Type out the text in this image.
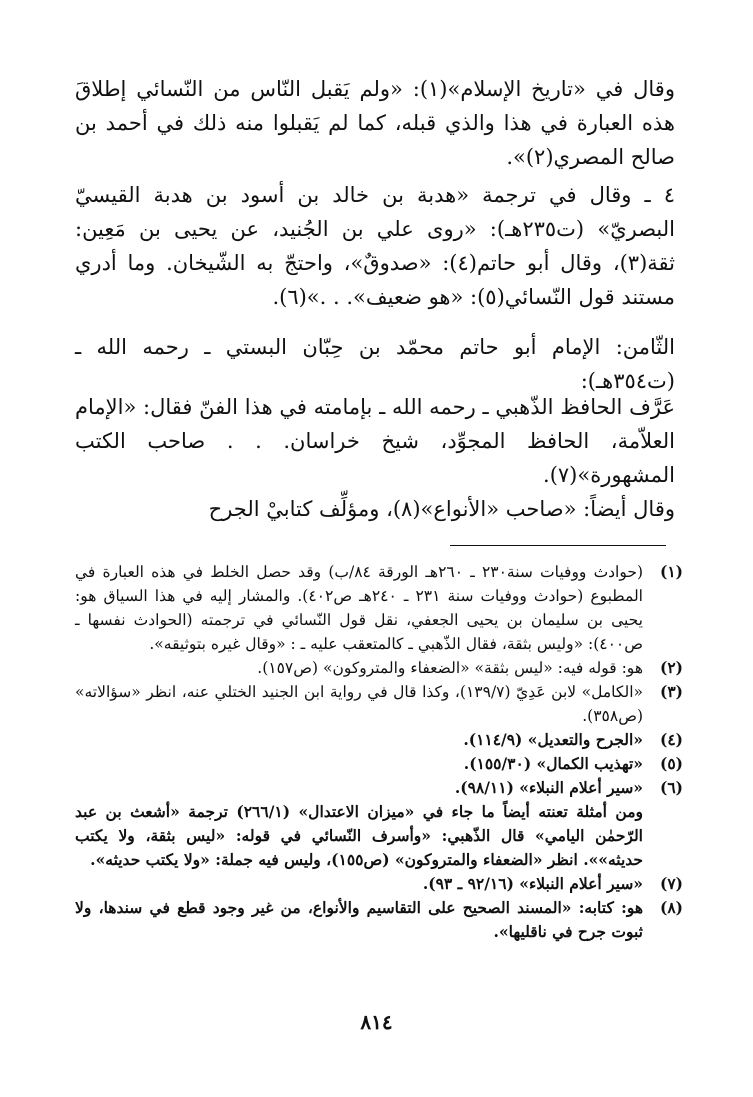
وقال في «تاريخ الإسلام»(١): «ولم يَقبل النّاس من النّسائي إطلاقَ هذه العبارة في هذا والذي قبله، كما لم يَقبلوا منه ذلك في أحمد بن صالح المصري(٢)».
٤ ـ وقال في ترجمة «هدبة بن خالد بن أسود بن هدبة القيسيّ البصريّ» (ت٢٣٥هـ): «روى علي بن الجُنيد، عن يحيى بن مَعِين: ثقة(٣)، وقال أبو حاتم(٤): «صدوقٌ»، واحتجّ به الشّيخان. وما أدري مستند قول النّسائي(٥): «هو ضعيف». . .»(٦).
الثّامن: الإمام أبو حاتم محمّد بن حِبّان البستي ـ رحمه الله ـ (ت٣٥٤هـ):
عَرَّف الحافظ الذّهبي ـ رحمه الله ـ بإمامته في هذا الفنّ فقال: «الإمام العلاّمة، الحافظ المجوِّد، شيخ خراسان. . . صاحب الكتب المشهورة»(٧).
وقال أيضاً: «صاحب «الأنواع»(٨)، ومؤلِّف كتابيْ الجرح
(١)
(حوادث ووفيات سنة٢٣٠ ـ ٢٦٠هـ الورقة ٨٤/ب) وقد حصل الخلط في هذه العبارة في المطبوع (حوادث ووفيات سنة ٢٣١ ـ ٢٤٠هـ ص٤٠٢). والمشار إليه في هذا السياق هو: يحيى بن سليمان بن يحيى الجعفي، نقل قول النّسائي في ترجمته (الحوادث نفسها ـ ص٤٠٠): «وليس بثقة، فقال الذّهبي ـ كالمتعقب عليه ـ : «وقال غيره بتوثيقه».
(٢)
هو: قوله فيه: «ليس بثقة» «الضعفاء والمتروكون» (ص١٥٧).
(٣)
«الكامل» لابن عَدِيّ (١٣٩/٧)، وكذا قال في رواية ابن الجنيد الختلي عنه، انظر «سؤالاته» (ص٣٥٨).
(٤)
«الجرح والتعديل» (١١٤/٩).
(٥)
«تهذيب الكمال» (١٥٥/٣٠).
(٦)
«سير أعلام النبلاء» (٩٨/١١).
ومن أمثلة تعنته أيضاً ما جاء في «ميزان الاعتدال» (٢٦٦/١) ترجمة «أشعث بن عبد الرّحمٰن اليامي» قال الذّهبي: «وأسرف النّسائي في قوله: «ليس بثقة، ولا يكتب حديثه»». انظر «الضعفاء والمتروكون» (ص١٥٥)، وليس فيه جملة: «ولا يكتب حديثه».
(٧)
«سير أعلام النبلاء» (٩٢/١٦ ـ ٩٣).
(٨)
هو: كتابه: «المسند الصحيح على التقاسيم والأنواع، من غير وجود قطع في سندها، ولا ثبوت جرح في ناقليها».
٨١٤
